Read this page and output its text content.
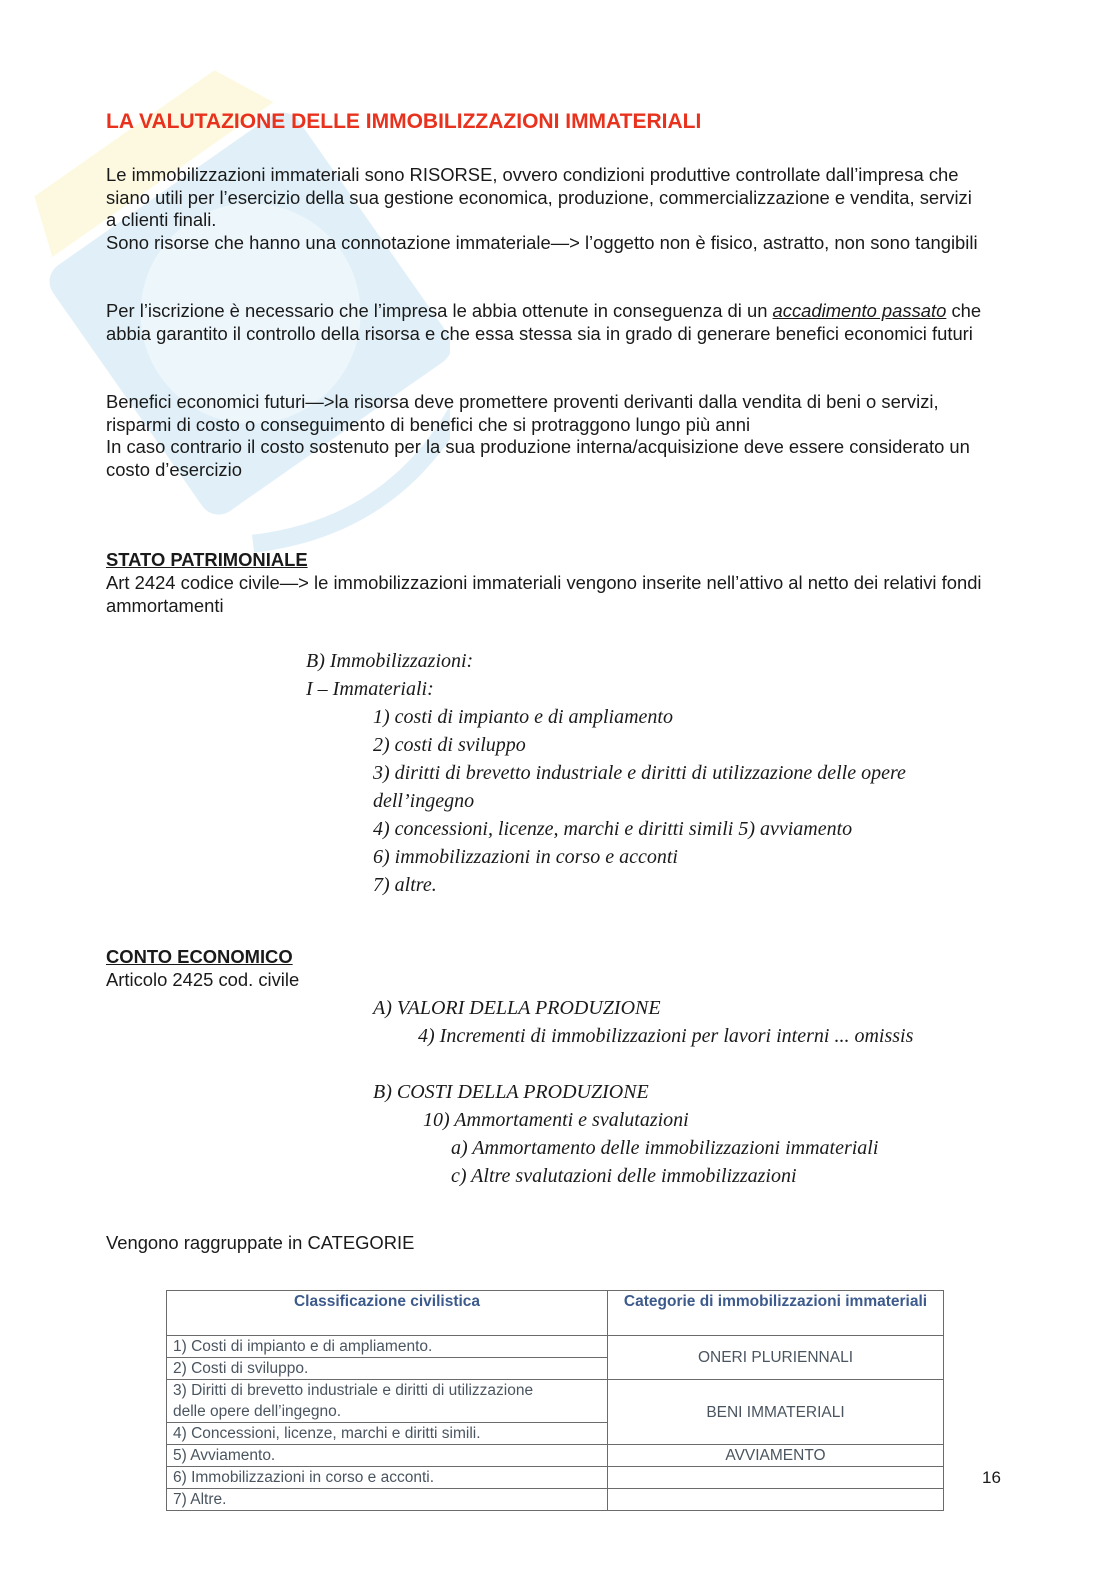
LA VALUTAZIONE DELLE IMMOBILIZZAZIONI IMMATERIALI

Le immobilizzazioni immateriali sono RISORSE, ovvero condizioni produttive controllate dall’impresa che siano utili per l’esercizio della sua gestione economica, produzione, commercializzazione e vendita, servizi a clienti finali.

Sono risorse che hanno una connotazione immateriale—> l’oggetto non è fisico, astratto, non sono tangibili

Per l’iscrizione è necessario che l’impresa le abbia ottenute in conseguenza di un accadimento passato che abbia garantito il controllo della risorsa e che essa stessa sia in grado di generare benefici economici futuri

Benefici economici futuri—>la risorsa deve promettere proventi derivanti dalla vendita di beni o servizi, risparmi di costo o conseguimento di benefici che si protraggono lungo più anni

In caso contrario il costo sostenuto per la sua produzione interna/acquisizione deve essere considerato un costo d’esercizio

STATO PATRIMONIALE
Art 2424 codice civile—> le immobilizzazioni immateriali vengono inserite nell’attivo al netto dei relativi fondi ammortamenti
B) Immobilizzazioni:
I – Immateriali:
1) costi di impianto e di ampliamento
2) costi di sviluppo
3) diritti di brevetto industriale e diritti di utilizzazione delle opere
dell’ingegno
4) concessioni, licenze, marchi e diritti simili 5) avviamento
6) immobilizzazioni in corso e acconti
7) altre.
CONTO ECONOMICO
Articolo 2425 cod. civile
A) VALORI DELLA PRODUZIONE
4) Incrementi di immobilizzazioni per lavori interni ... omissis
B) COSTI DELLA PRODUZIONE
10) Ammortamenti e svalutazioni
a) Ammortamento delle immobilizzazioni immateriali
c) Altre svalutazioni delle immobilizzazioni
Vengono raggruppate in CATEGORIE
Classificazione civilistica	Categorie di immobilizzazioni immateriali
1) Costi di impianto e di ampliamento.	ONERI PLURIENNALI
2) Costi di sviluppo.	
3) Diritti di brevetto industriale e diritti di utilizzazione	BENI IMMATERIALI
delle opere dell’ingegno.	
4) Concessioni, licenze, marchi e diritti simili.	
5) Avviamento.	AVVIAMENTO
6) Immobilizzazioni in corso e acconti.	
7) Altre.	
16
